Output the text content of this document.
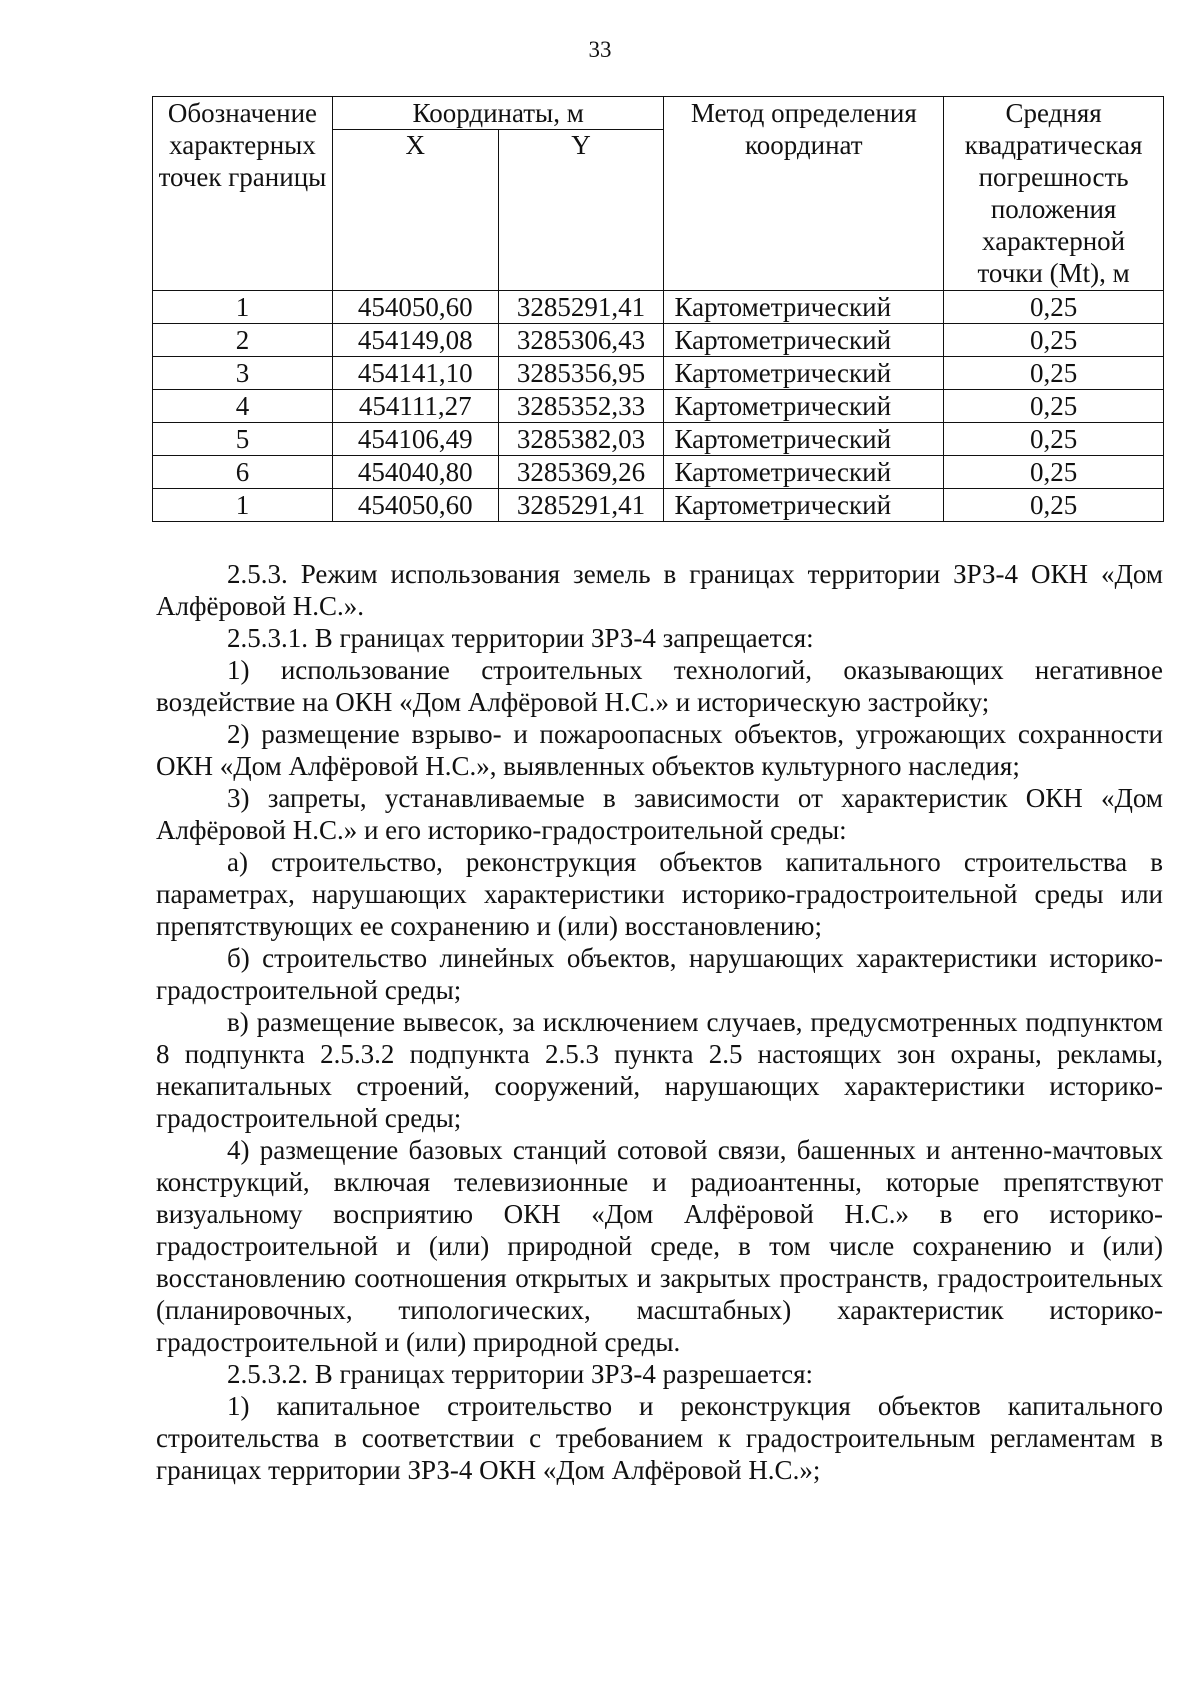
33
Обозначение характерных точек границы	Координаты, м		Метод определения координат	Средняя квадратическая погрешность положения характерной точки (Mt), м
	X	Y		
1	454050,60	3285291,41	Картометрический	0,25
2	454149,08	3285306,43	Картометрический	0,25
3	454141,10	3285356,95	Картометрический	0,25
4	454111,27	3285352,33	Картометрический	0,25
5	454106,49	3285382,03	Картометрический	0,25
6	454040,80	3285369,26	Картометрический	0,25
1	454050,60	3285291,41	Картометрический	0,25

2.5.3. Режим использования земель в границах территории ЗРЗ-4 ОКН «Дом Алфёровой Н.С.».

2.5.3.1. В границах территории ЗРЗ-4 запрещается:

1) использование строительных технологий, оказывающих негативное воздействие на ОКН «Дом Алфёровой Н.С.» и историческую застройку;

2) размещение взрыво- и пожароопасных объектов, угрожающих сохранности ОКН «Дом Алфёровой Н.С.», выявленных объектов культурного наследия;

3) запреты, устанавливаемые в зависимости от характеристик ОКН «Дом Алфёровой Н.С.» и его историко-градостроительной среды:

а) строительство, реконструкция объектов капитального строительства в параметрах, нарушающих характеристики историко-градостроительной среды или препятствующих ее сохранению и (или) восстановлению;

б) строительство линейных объектов, нарушающих характеристики историко-градостроительной среды;

в) размещение вывесок, за исключением случаев, предусмотренных подпунктом 8 подпункта 2.5.3.2 подпункта 2.5.3 пункта 2.5 настоящих зон охраны, рекламы, некапитальных строений, сооружений, нарушающих характеристики историко-градостроительной среды;

4) размещение базовых станций сотовой связи, башенных и антенно-мачтовых конструкций, включая телевизионные и радиоантенны, которые препятствуют визуальному восприятию ОКН «Дом Алфёровой Н.С.» в его историко-градостроительной и (или) природной среде, в том числе сохранению и (или) восстановлению соотношения открытых и закрытых пространств, градостроительных (планировочных, типологических, масштабных) характеристик историко-градостроительной и (или) природной среды.

2.5.3.2. В границах территории ЗРЗ-4 разрешается:

1) капитальное строительство и реконструкция объектов капитального строительства в соответствии с требованием к градостроительным регламентам в границах территории ЗРЗ-4 ОКН «Дом Алфёровой Н.С.»;
